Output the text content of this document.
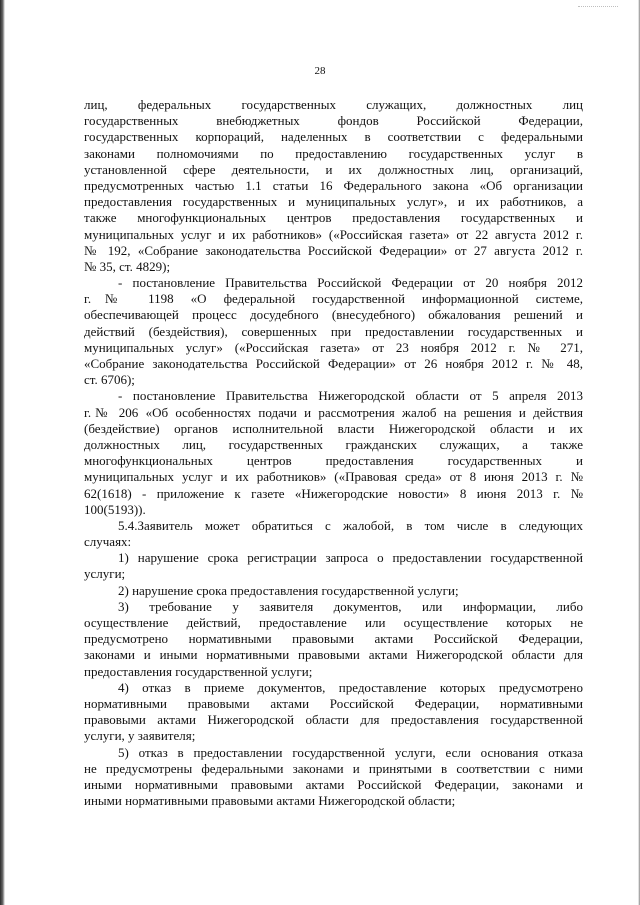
28
лиц, федеральных государственных служащих, должностных лиц
государственных внебюджетных фондов Российской Федерации,
государственных корпораций, наделенных в соответствии с федеральными
законами полномочиями по предоставлению государственных услуг в
установленной сфере деятельности, и их должностных лиц, организаций,
предусмотренных частью 1.1 статьи 16 Федерального закона «Об организации
предоставления государственных и муниципальных услуг», и их работников, а
также многофункциональных центров предоставления государственных и
муниципальных услуг и их работников» («Российская газета» от 22 августа 2012 г.
№ 192, «Собрание законодательства Российской Федерации» от 27 августа 2012 г.
№ 35, ст. 4829);
- постановление Правительства Российской Федерации от 20 ноября 2012
г.№ 1198 «О федеральной государственной информационной системе,
обеспечивающей процесс досудебного (внесудебного) обжалования решений и
действий (бездействия), совершенных при предоставлении государственных и
муниципальных услуг» («Российская газета» от 23 ноября 2012 г. № 271,
«Собрание законодательства Российской Федерации» от 26 ноября 2012 г. № 48,
ст. 6706);
- постановление Правительства Нижегородской области от 5 апреля 2013
г.№ 206 «Об особенностях подачи и рассмотрения жалоб на решения и действия
(бездействие) органов исполнительной власти Нижегородской области и их
должностных лиц, государственных гражданских служащих, а также
многофункциональных центров предоставления государственных и
муниципальных услуг и их работников» («Правовая среда» от 8 июня 2013 г. №
62(1618) - приложение к газете «Нижегородские новости» 8 июня 2013 г. №
100(5193)).
5.4.Заявитель может обратиться с жалобой, в том числе в следующих
случаях:
1) нарушение срока регистрации запроса о предоставлении государственной
услуги;
2) нарушение срока предоставления государственной услуги;
3) требование у заявителя документов, или информации, либо
осуществление действий, предоставление или осуществление которых не
предусмотрено нормативными правовыми актами Российской Федерации,
законами и иными нормативными правовыми актами Нижегородской области для
предоставления государственной услуги;
4) отказ в приеме документов, предоставление которых предусмотрено
нормативными правовыми актами Российской Федерации, нормативными
правовыми актами Нижегородской области для предоставления государственной
услуги, у заявителя;
5) отказ в предоставлении государственной услуги, если основания отказа
не предусмотрены федеральными законами и принятыми в соответствии с ними
иными нормативными правовыми актами Российской Федерации, законами и
иными нормативными правовыми актами Нижегородской области;
